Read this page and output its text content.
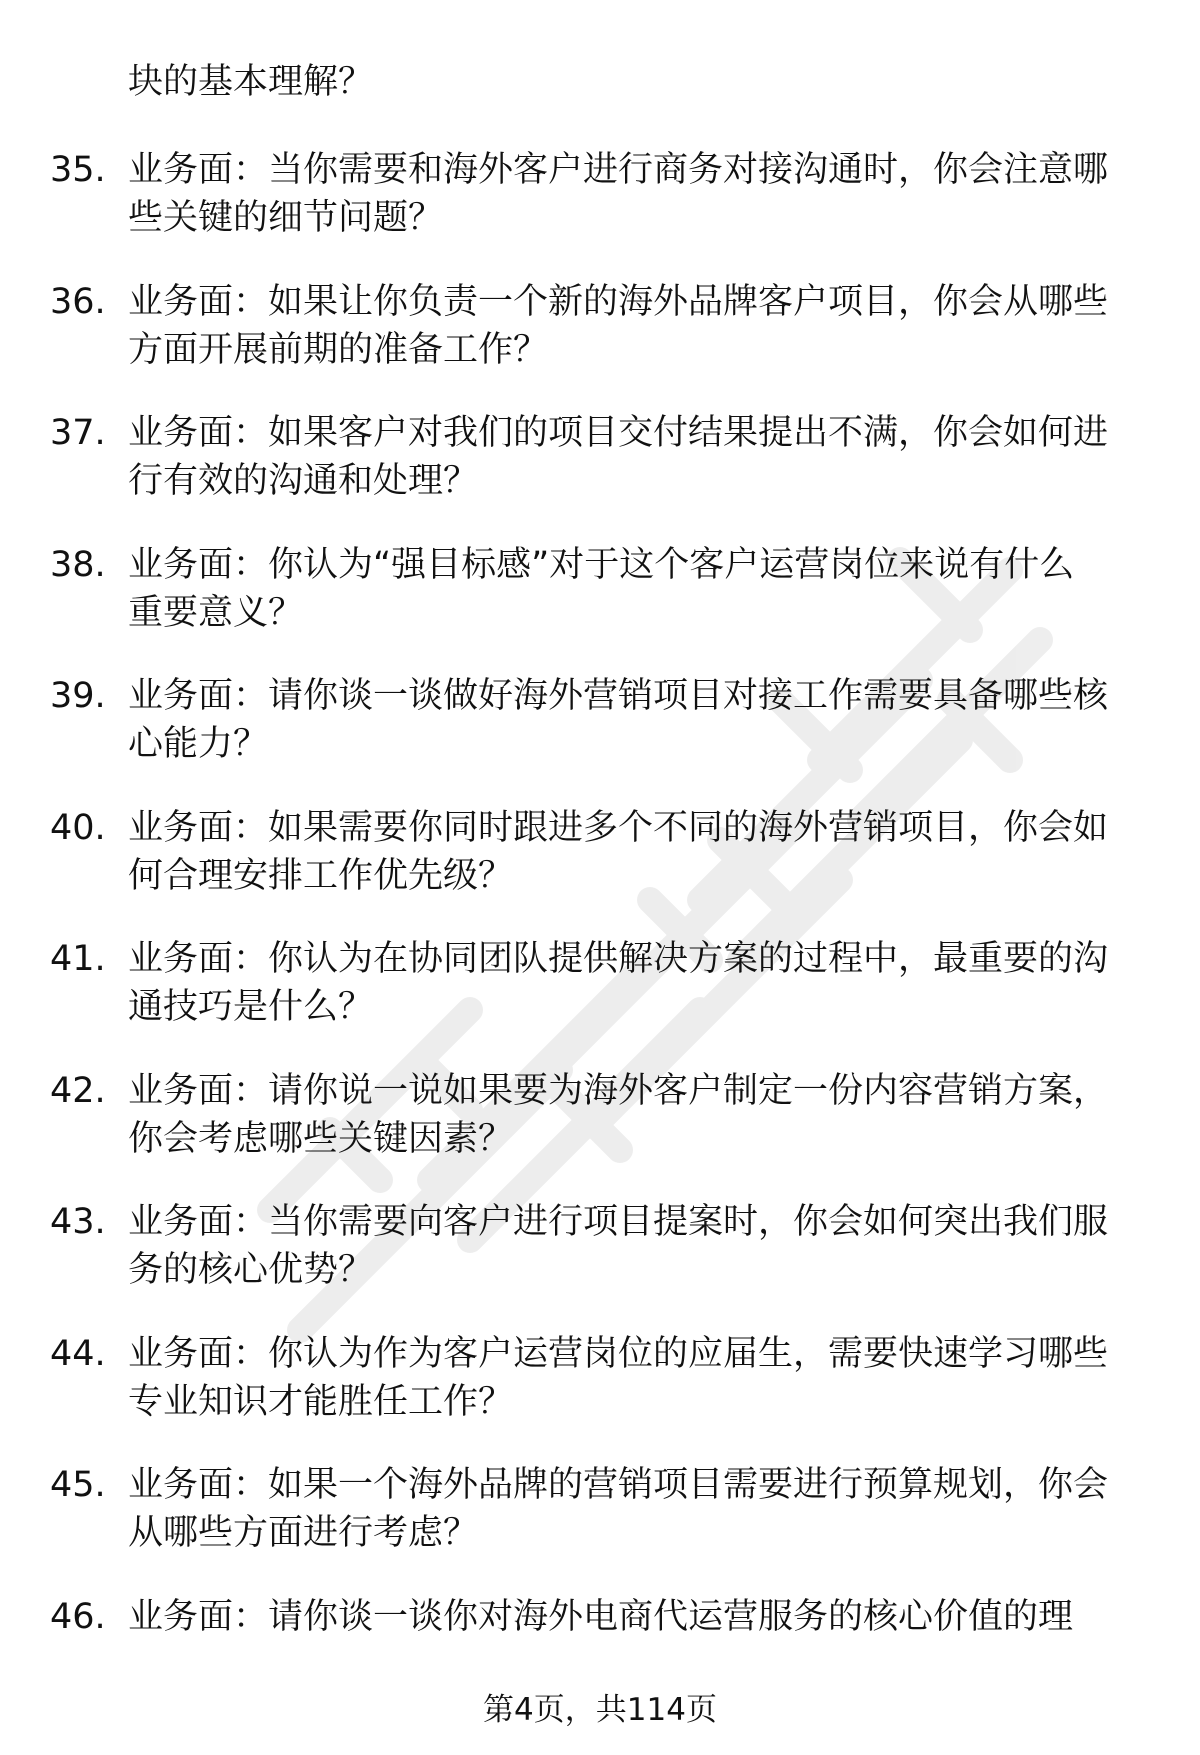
块的基本理解？
35. 业务面：当你需要和海外客户进行商务对接沟通时，你会注意哪
些关键的细节问题？
36. 业务面：如果让你负责一个新的海外品牌客户项目，你会从哪些
方面开展前期的准备工作？
37. 业务面：如果客户对我们的项目交付结果提出不满，你会如何进
行有效的沟通和处理？
38. 业务面：你认为“强目标感”对于这个客户运营岗位来说有什么
重要意义？
39. 业务面：请你谈一谈做好海外营销项目对接工作需要具备哪些核
心能力？
40. 业务面：如果需要你同时跟进多个不同的海外营销项目，你会如
何合理安排工作优先级？
41. 业务面：你认为在协同团队提供解决方案的过程中，最重要的沟
通技巧是什么？
42. 业务面：请你说一说如果要为海外客户制定一份内容营销方案，
你会考虑哪些关键因素？
43. 业务面：当你需要向客户进行项目提案时，你会如何突出我们服
务的核心优势？
44. 业务面：你认为作为客户运营岗位的应届生，需要快速学习哪些
专业知识才能胜任工作？
45. 业务面：如果一个海外品牌的营销项目需要进行预算规划，你会
从哪些方面进行考虑？
46. 业务面：请你谈一谈你对海外电商代运营服务的核心价值的理
第4页，共114页
